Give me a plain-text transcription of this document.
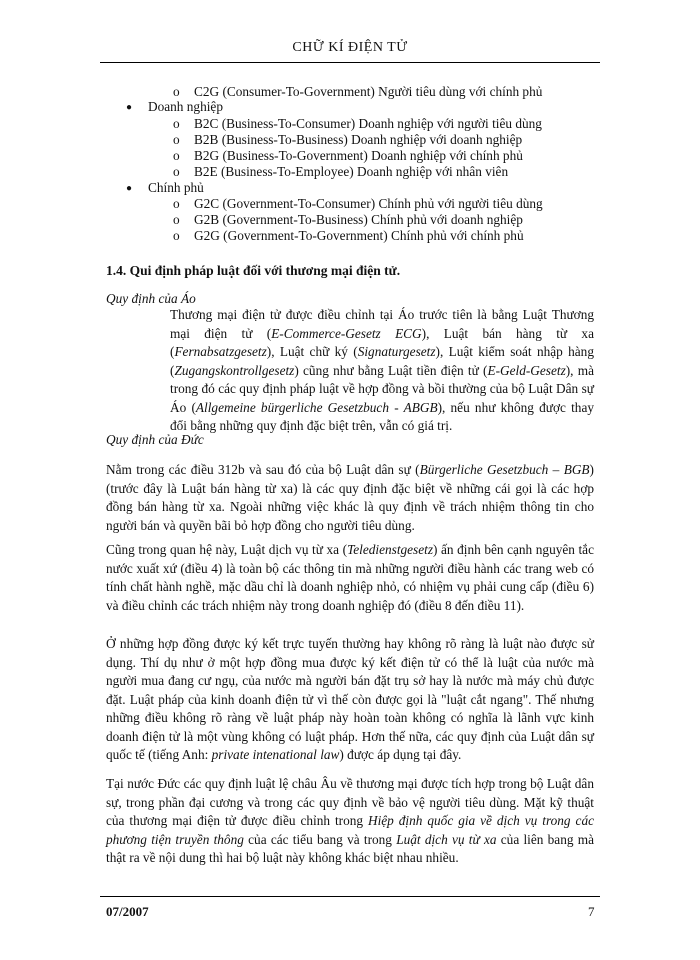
CHỮ KÍ ĐIỆN TỬ
o C2G (Consumer-To-Government) Người tiêu dùng với chính phủ
● Doanh nghiệp
o B2C (Business-To-Consumer) Doanh nghiệp với người tiêu dùng
o B2B (Business-To-Business) Doanh nghiệp với doanh nghiệp
o B2G (Business-To-Government) Doanh nghiệp với chính phủ
o B2E (Business-To-Employee) Doanh nghiệp với nhân viên
● Chính phủ
o G2C (Government-To-Consumer) Chính phủ với người tiêu dùng
o G2B (Government-To-Business) Chính phủ với doanh nghiệp
o G2G (Government-To-Government) Chính phủ với chính phủ
1.4. Qui định pháp luật đối với thương mại điện tử.
Quy định của Áo
Thương mại điện tử được điều chỉnh tại Áo trước tiên là bằng Luật Thương mại điện tử (E-Commerce-Gesetz ECG), Luật bán hàng từ xa (Fernabsatzgesetz), Luật chữ ký (Signaturgesetz), Luật kiểm soát nhập hàng (Zugangskontrollgesetz) cũng như bằng Luật tiền điện tử (E-Geld-Gesetz), mà trong đó các quy định pháp luật về hợp đồng và bồi thường của bộ Luật Dân sự Áo (Allgemeine bürgerliche Gesetzbuch - ABGB), nếu như không được thay đổi bằng những quy định đặc biệt trên, vẫn có giá trị.
Quy định của Đức
Nằm trong các điều 312b và sau đó của bộ Luật dân sự (Bürgerliche Gesetzbuch – BGB) (trước đây là Luật bán hàng từ xa) là các quy định đặc biệt về những cái gọi là các hợp đồng bán hàng từ xa. Ngoài những việc khác là quy định về trách nhiệm thông tin cho người bán và quyền bãi bỏ hợp đồng cho người tiêu dùng.
Cũng trong quan hệ này, Luật dịch vụ từ xa (Teledienstgesetz) ấn định bên cạnh nguyên tắc nước xuất xứ (điều 4) là toàn bộ các thông tin mà những người điều hành các trang web có tính chất hành nghề, mặc dầu chỉ là doanh nghiệp nhỏ, có nhiệm vụ phải cung cấp (điều 6) và điều chỉnh các trách nhiệm này trong doanh nghiệp đó (điều 8 đến điều 11).
Ở những hợp đồng được ký kết trực tuyến thường hay không rõ ràng là luật nào được sử dụng. Thí dụ như ở một hợp đồng mua được ký kết điện tử có thể là luật của nước mà người mua đang cư ngụ, của nước mà người bán đặt trụ sở hay là nước mà máy chủ được đặt. Luật pháp của kinh doanh điện tử vì thế còn được gọi là "luật cắt ngang". Thế nhưng những điều không rõ ràng về luật pháp này hoàn toàn không có nghĩa là lãnh vực kinh doanh điện tử là một vùng không có luật pháp. Hơn thế nữa, các quy định của Luật dân sự quốc tế (tiếng Anh: private intenational law) được áp dụng tại đây.
Tại nước Đức các quy định luật lệ châu Âu về thương mại được tích hợp trong bộ Luật dân sự, trong phần đại cương và trong các quy định về bảo vệ người tiêu dùng. Mặt kỹ thuật của thương mại điện tử được điều chỉnh trong Hiệp định quốc gia về dịch vụ trong các phương tiện truyền thông của các tiểu bang và trong Luật dịch vụ từ xa của liên bang mà thật ra về nội dung thì hai bộ luật này không khác biệt nhau nhiều.
07/2007	7
